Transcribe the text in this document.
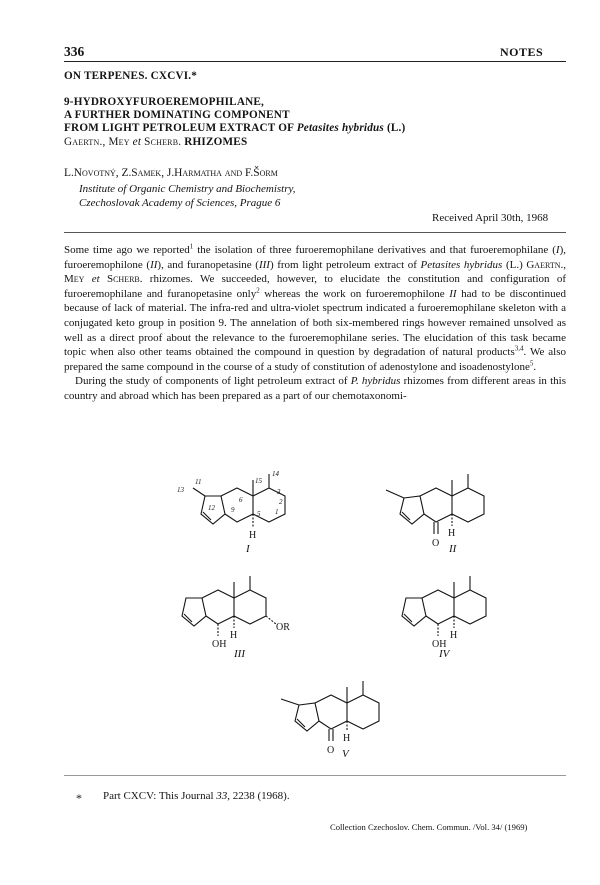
336	NOTES
ON TERPENES. CXCVI.*
9-HYDROXYFUROEREMOPHILANE,
A FURTHER DOMINATING COMPONENT
FROM LIGHT PETROLEUM EXTRACT OF Petasites hybridus (L.)
Gaertn., Mey et Scherb. RHIZOMES
L.Novotný, Z.Samek, J.Harmatha and F.Šorm
Institute of Organic Chemistry and Biochemistry,
Czechoslovak Academy of Sciences, Prague 6
Received April 30th, 1968

Some time ago we reported$^1$ the isolation of three furoeremophilane derivatives and that furoeremophilane (I), furoeremophilone (II), and furanopetasine (III) from light petroleum extract of Petasites hybridus (L.) Gaertn., Mey et Scherb. rhizomes. We succeeded, however, to elucidate the constitution and configuration of furoeremophilane and furanopetasine only$^2$ whereas the work on furoeremophilone II had to be discontinued because of lack of material. The infra-red and ultra-violet spectrum indicated a furoeremophilane skeleton with a conjugated keto group in position 9. The annelation of both six-membered rings however remained unsolved as well as a direct proof about the relevance to the furoeremophilane series. The elucidation of this task became topic when also other teams obtained the compound in question by degradation of natural products$^{3,4}$. We also prepared the same compound in the course of a study of constitution of adenostylone and isoadenostylone$^5$.

During the study of components of light petroleum extract of P. hybridus rhizomes from different areas in this country and abroad which has been prepared as a part of our chemotaxonomi-

13
11
12
14
15
6
5
9	1
2
3
H
I	O
H
II
OH
H
OR
III
OH
H
IV
O
H
V
* Part CXCV: This Journal 33, 2238 (1968).
Collection Czechoslov. Chem. Commun. /Vol. 34/ (1969)
